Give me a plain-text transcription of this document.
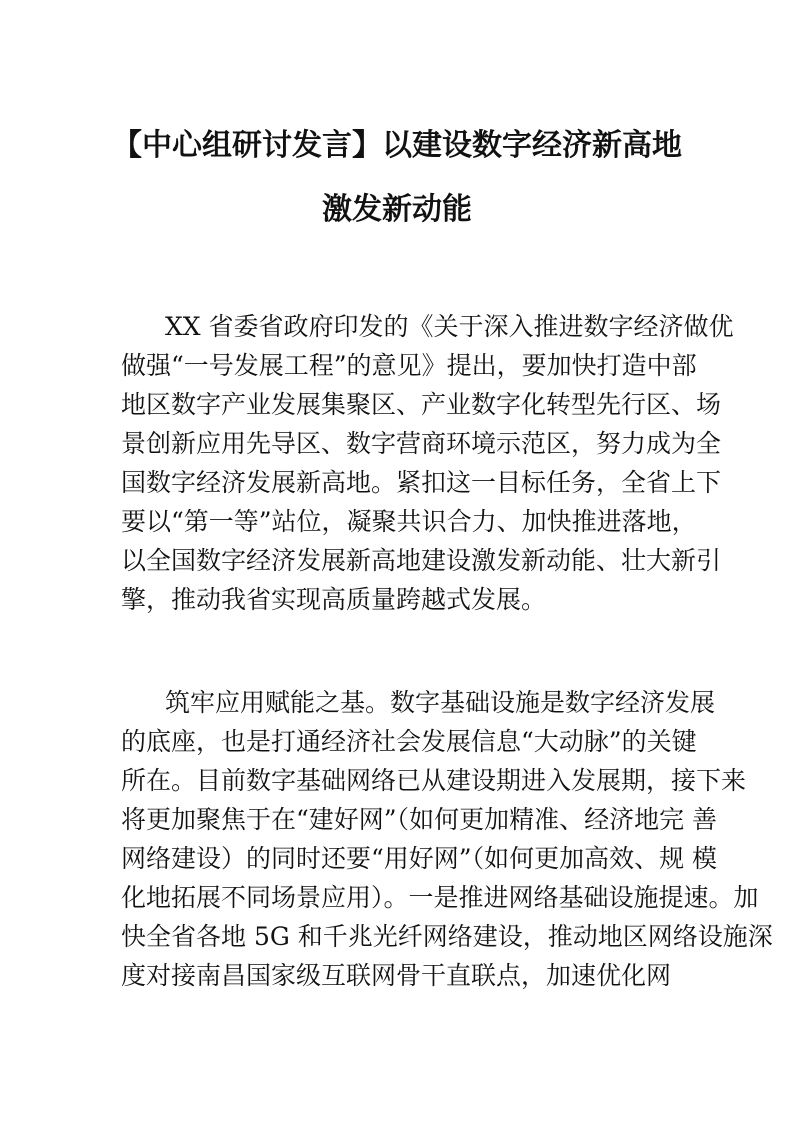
【中心组研讨发言】以建设数字经济新高地
激发新动能
XX 省委省政府印发的《关于深入推进数字经济做优
做强“一号发展工程”的意见》提出，要加快打造中部
地区数字产业发展集聚区、产业数字化转型先行区、场
景创新应用先导区、数字营商环境示范区，努力成为全
国数字经济发展新高地。紧扣这一目标任务，全省上下
要以“第一等”站位，凝聚共识合力、加快推进落地，
以全国数字经济发展新高地建设激发新动能、壮大新引
擎，推动我省实现高质量跨越式发展。
筑牢应用赋能之基。数字基础设施是数字经济发展
的底座，也是打通经济社会发展信息“大动脉”的关键
所在。目前数字基础网络已从建设期进入发展期，接下来
将更加聚焦于在“建好网”（如何更加精准、经济地完 善
网络建设）的同时还要“用好网”（如何更加高效、规 模
化地拓展不同场景应用）。一是推进网络基础设施提速。加
快全省各地 5G 和千兆光纤网络建设，推动地区网络设施深
度对接南昌国家级互联网骨干直联点，加速优化网
